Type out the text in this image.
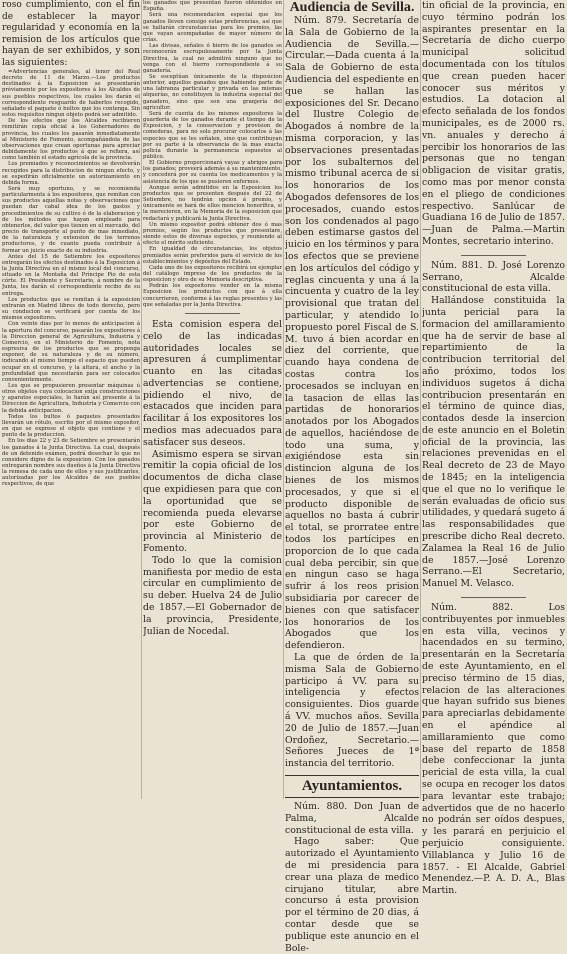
roso cumplimiento, con el fin de establecer la mayor regularidad y economía en la remision de los artículos que hayan de ser exhibidos, y son las siguientes:

=Advertencias generales, al tenor del Real decreto de 11 de Marzo.—Los productos destinados á la Esposicion se presentarán préviamente por los expositores á los Alcaldes de sus pueblos respectivos, los cuales los darán el correspondiente resguardo de haberlos recogido, señalado el paquete ó bultos que los contenga. Sin estos requisitos ningun objeto podrá ser admitido.

De los efectos que los Alcaldes recibieren remitirán copia oficial á los Gobernadores de provincia, los cuales los pasarán inmediatamente al Ministerio de Fomento, acompañándola de las observaciones que crean oportunas para apreciar debidamente los productos á que se refiera, así como también el estado agrícola de la provincia.

Los premiados y reconocimientos se devolverán recogidos para la distribucion de ningun efecto, y se espedirán oficialmente un autorizamiento en debida forma.

Será muy oportuno, y se recomienda particularmente á los expositores, que remitan con sus productos aquellas notas y observaciones que puedan dar cabal idea de los gastos y procedimientos de su cultivo ó de la elaboracion y de los métodos que hayan empleado para obtenerlos, del valor que tienen en el mercado, del precio de transporte al punto de mas inmediato, de la naturaleza y extension de los terrenos productores, y de cuanto pueda contribuir á formar un juicio exacto de su industria.

Antes del 15 de Setiembre los expositores entregarán los efectos destinados á la Esposicion á la Junta Directiva en el mismo local del concurso, situado en la Montaña del Príncipe Pio de esta córte. El Presidente y Secretario, á nombre de la Junta, les darán el correspondiente recibo de su entrega.

Los productos que se remitan á la exposicion entrarán en Madrid libres de todo derecho, pero su conducion se verificará por cuenta de los mismos expositores.

Con veinte dias por lo menos de anticipacion á la apertura del concurso, pasarán los expositores á la Direccion general de Agricultura, Industria y Comercio, en el Ministerio de Fomento, nota espresiva de los productos que se proponga exponer, de su naturaleza y de su número, indicando al mismo tiempo el espacio que pueden ocupar en el concurso, y la altura, el ancho y la profundidad que necesitarán para ser colocados convenientemente.

Los que se propusieren presentar máquinas ú otros objetos cuya colocacion exija construcciones y aparatos especiales, lo harán así presente á la Direccion de Agricultura, Industria y Comercio con la debida anticipacion.

Todos los bultos ó paquetes presentados llevarán un rótulo, escrito por el mismo expositor, en que se exprese el objeto que contiene y el punto de la produccion.

En los dias 22 y 23 de Setiembre se presentarán los ganados á la Junta Directiva. La cual, después de un detenido exámen, podrá desechar lo que no considere digno de la exposicion. Con los ganados entregarán nombre sus dueños á la Junta Directiva la remesa de cada uno de ellos y sus justificantes, autorizadas por los Alcaldes de sus pueblos respectivos, de que

los ganados que presentan fueron obtenidos en España.

Será una recomendacion especial que los ganados lleven consigo estas preferencias, así que se hallarán circunstancias para los premios, las que vayan acompañadas de mayor número de crías.

Las divisas, señales ó hierro de los ganados se reconocerán escrupulosamente por la Junta Directiva, la cual no admitirá ninguno que no venga con el hierro correspondiente á su ganadería.

Se esceptúan únicamente de la disposicion anterior, aquellos ganados que habiendo parte de una labranza particular y privada en las mismas alquerías, no constituyen la industria especial del ganadero, sino que son una granjería del agricultor.

Será de cuenta de los mismos expositores la guardería de los ganados durante el tiempo de la Esposicion, y la conservacion y provision de comederas, para no solo procurar colocarlos á las especies que se les señalen, sino que contribuyan por su parte á la observancia de la mas exacta policía durante la permanencia espuestos al público.

El Gobierno proporcionará vayas y abrigos para los ganados; proveerá además á su mantenimiento, y concederá por su cuenta los medicamentos y la asistencia de los que se pusieren enfermos.

Aunque serán admitidos en la Esposicion los productos que se presenten después del 22 de Setiembre, no tendrán opcion á premio, y únicamente se hará de ellos mencion honorífica, si la merecieren, en la Memoria de la esposicion que redactará y publicará la Junta Directiva.

Un mismo expositor podrá obtener dos ó mas premios, según los productos que presentare, siendo estos de diversas especies, y reuniendo al efecto el mérito suficiente.

En igualdad de circunstancias, los objetos premiados serán preferidos para el servicio de los establecimientos y depósitos del Estado.

Cada uno de los expositores recibirá un ejemplar del catálogo impreso de los productos de la esposicion y otro de su Memoria descriptiva.

Podrán los expositores vender en la misma Esposicion los productos con que á ella concurrieren, conforme á las reglas presentes y las que señaladas por la Junta Directiva.

Esta comision espera del celo de las indicadas autoridades locales se apresuren á cumplimentar cuanto en las citadas advertencias se contiene, pidiendo el nivo, de estacados que inciden para facilitar á los expositores los medios mas adecuados para satisfacer sus deseos.

Asimismo espera se sirvan remitir la copia oficial de los documentos de dicha clase que expidiesen para que con la oportunidad que se recomienda pueda elevarse por este Gobierno de provincia al Ministerio de Fomento.

Todo lo que la comision manifiesta por medio de esta circular en cumplimiento de su deber. Huelva 24 de Julio de 1857.—El Gobernador de la provincia, Presidente, Julian de Nocedal.

Audiencia de Sevilla.

Núm. 879. Secretaría de la Sala de Gobierno de la Audiencia de Sevilla.—Circular.—Dada cuenta á la Sala de Gobierno de esta Audiencia del espediente en que se hallan las exposiciones del Sr. Decano del Ilustre Colegio de Abogados á nombre de la misma corporacion, y las observaciones presentadas por los subalternos del mismo tribunal acerca de si los honorarios de los Abogados defensores de los procesados, cuando estos son los condenados al pago deben estimarse gastos del juicio en los términos y para los efectos que se previene en los artículos del código y reglas cincuenta y una á la cincuenta y cuatro de la ley provisional que tratan del particular, y atendido lo propuesto porel Fiscal de S. M. tuvo á bien acordar en diez del corriente, que cuando haya condena de costas contra los procesados se incluyan en la tasacion de ellas las partidas de honorarios anotados por los Abogados de aquellos, haciéndose de todo una suma, y exigiéndose esta sin distincion alguna de los bienes de los mismos procesados, y que si el producto disponible de aquellos no basta á cubrir el total, se prorratee entre todos los partícipes en proporcion de lo que cada cual deba percibir, sin que en ningun caso se haga sufrir á los reos prision subsidiaria por carecer de bienes con que satisfacer los honorarios de los Abogados que los defendieron.

La que de órden de la misma Sala de Gobierno participo á VV. para su inteligencia y efectos consiguientes. Dios guarde á VV. muchos años. Sevilla 20 de Julio de 1857.—Juan Ordoñez, Secretario.—Señores Jueces de 1ª instancia del territorio.

Ayuntamientos.

Núm. 880. Don Juan de Palma, Alcalde constitucional de esta villa.

Hago saber: Que autorizado el Ayuntamiento de mi presidencia para crear una plaza de medico cirujano titular, abre concurso á esta provision por el término de 20 dias, á contar desde que se publique este anuncio en el Bole-

tin oficial de la provincia, en cuyo término podrán los aspirantes presentar en la Secretaría de dicho cuerpo municipal solicitud documentada con los títulos que crean pueden hacer conocer sus méritos y estudios. La dotacion al efecto señalada de los fondos municipales, es de 2000 rs. vn. anuales y derecho á percibir los honorarios de las personas que no tengan obligacion de visitar gratis, como mas por menor consta en el pliego de condiciones respectivo. Sanlúcar de Guadiana 16 de Julio de 1857.—Juan de Palma.—Martin Montes, secretario interino.

Núm. 881. D. José Lorenzo Serrano, Alcalde constitucional de esta villa.

Hallándose constituida la junta pericial para la formacion del amillaramiento que ha de servir de base al repartimiento de la contribucion territorial del año próximo, todos los individuos sugetos á dicha contribucion presentarán en el término de quince dias, contados desde la insercion de este anuncio en el Boletin oficial de la provincia, las relaciones prevenidas en el Real decreto de 23 de Mayo de 1845; en la inteligencia que el que no lo verifique le serán evaluadas de oficio sus utilidades, y quedará sugeto á las responsabilidades que prescribe dicho Real decreto. Zalamea la Real 16 de Julio de 1857.—José Lorenzo Serrano.—El Secretario, Manuel M. Velasco.

Núm. 882. Los contribuyentes por inmuebles en esta villa, vecinos y hacendados en su termino, presentarán en la Secretaría de este Ayuntamiento, en el preciso término de 15 dias, relacion de las alteraciones que hayan sufrido sus bienes para apreciarlas debidamente en el apéndice al amillaramiento que como base del reparto de 1858 debe confeccionar la junta pericial de esta villa, la cual se ocupa en recoger los datos para levantar este trabajo; advertidos que de no hacerlo no podrán ser oídos despues, y les parará en perjuicio el perjuicio consiguiente. Villablanca y Julio 16 de 1857. - El Alcalde, Gabriel Menendez.—P. A. D. A., Blas Martin.
